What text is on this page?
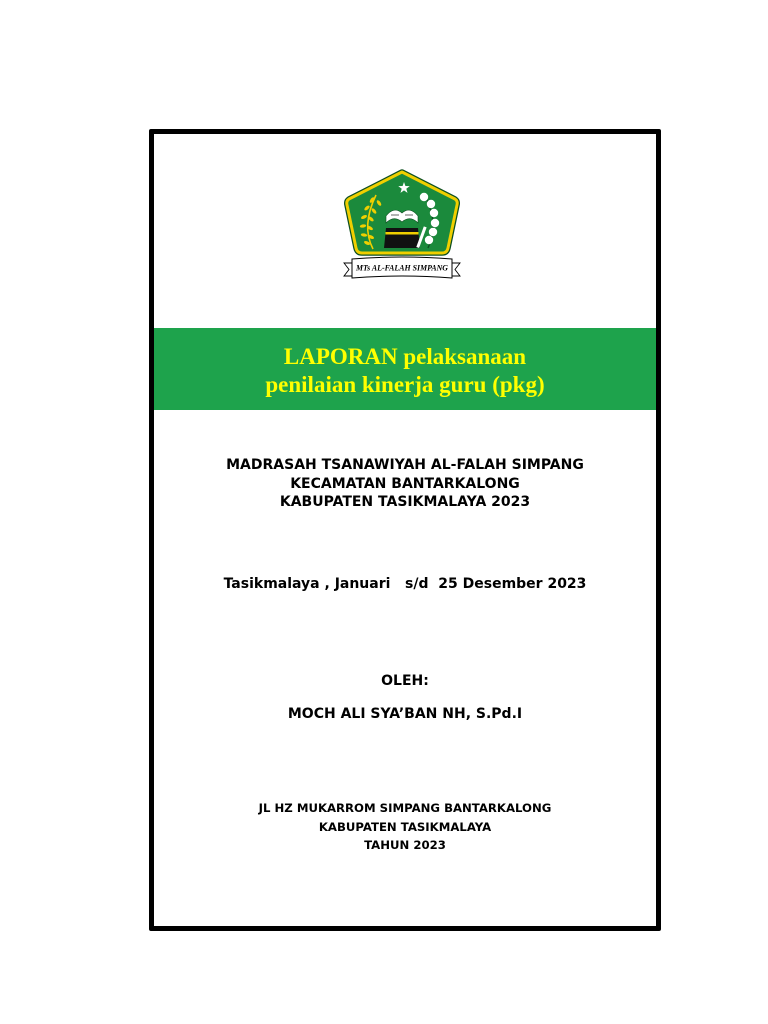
MTs AL-FALAH SIMPANG
LAPORAN pelaksanaan
penilaian kinerja guru (pkg)
MADRASAH TSANAWIYAH AL-FALAH SIMPANG
KECAMATAN BANTARKALONG
KABUPATEN TASIKMALAYA 2023
Tasikmalaya , Januari   s/d  25 Desember 2023
OLEH:
MOCH ALI SYA’BAN NH, S.Pd.I
JL HZ MUKARROM SIMPANG BANTARKALONG
KABUPATEN TASIKMALAYA
TAHUN 2023
